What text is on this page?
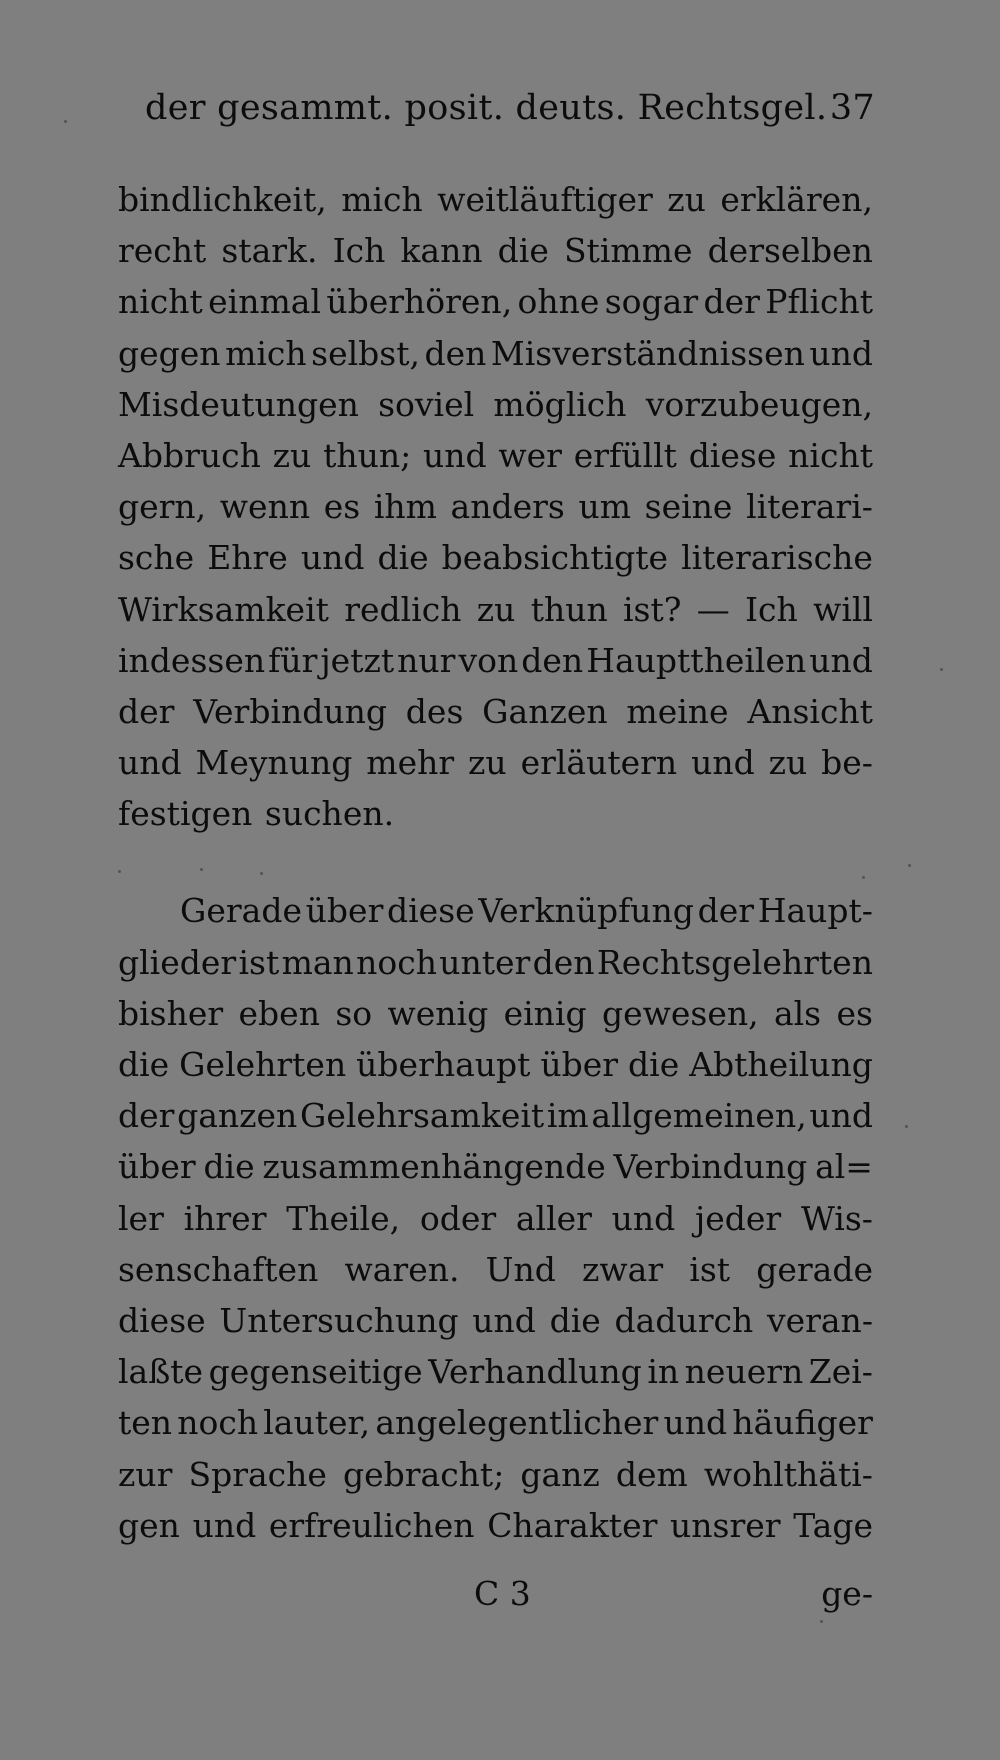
der gesammt. posit. deuts. Rechtsgel. 37
bindlichkeit, mich weitläuftiger zu erklären,
recht stark. Ich kann die Stimme derselben
nicht einmal überhören, ohne sogar der Pflicht
gegen mich selbst, den Misverständnissen und
Misdeutungen soviel möglich vorzubeugen,
Abbruch zu thun; und wer erfüllt diese nicht
gern, wenn es ihm anders um seine literari-
sche Ehre und die beabsichtigte literarische
Wirksamkeit redlich zu thun ist? — Ich will
indessen für jetzt nur von den Haupttheilen und
der Verbindung des Ganzen meine Ansicht
und Meynung mehr zu erläutern und zu be-
festigen suchen.
Gerade über diese Verknüpfung der Haupt-
glieder ist man noch unter den Rechtsgelehrten
bisher eben so wenig einig gewesen, als es
die Gelehrten überhaupt über die Abtheilung
der ganzen Gelehrsamkeit im allgemeinen, und
über die zusammenhängende Verbindung al=
ler ihrer Theile, oder aller und jeder Wis-
senschaften waren. Und zwar ist gerade
diese Untersuchung und die dadurch veran-
laßte gegenseitige Verhandlung in neuern Zei-
ten noch lauter, angelegentlicher und häufiger
zur Sprache gebracht; ganz dem wohlthäti-
gen und erfreulichen Charakter unsrer Tage
C 3	ge-
